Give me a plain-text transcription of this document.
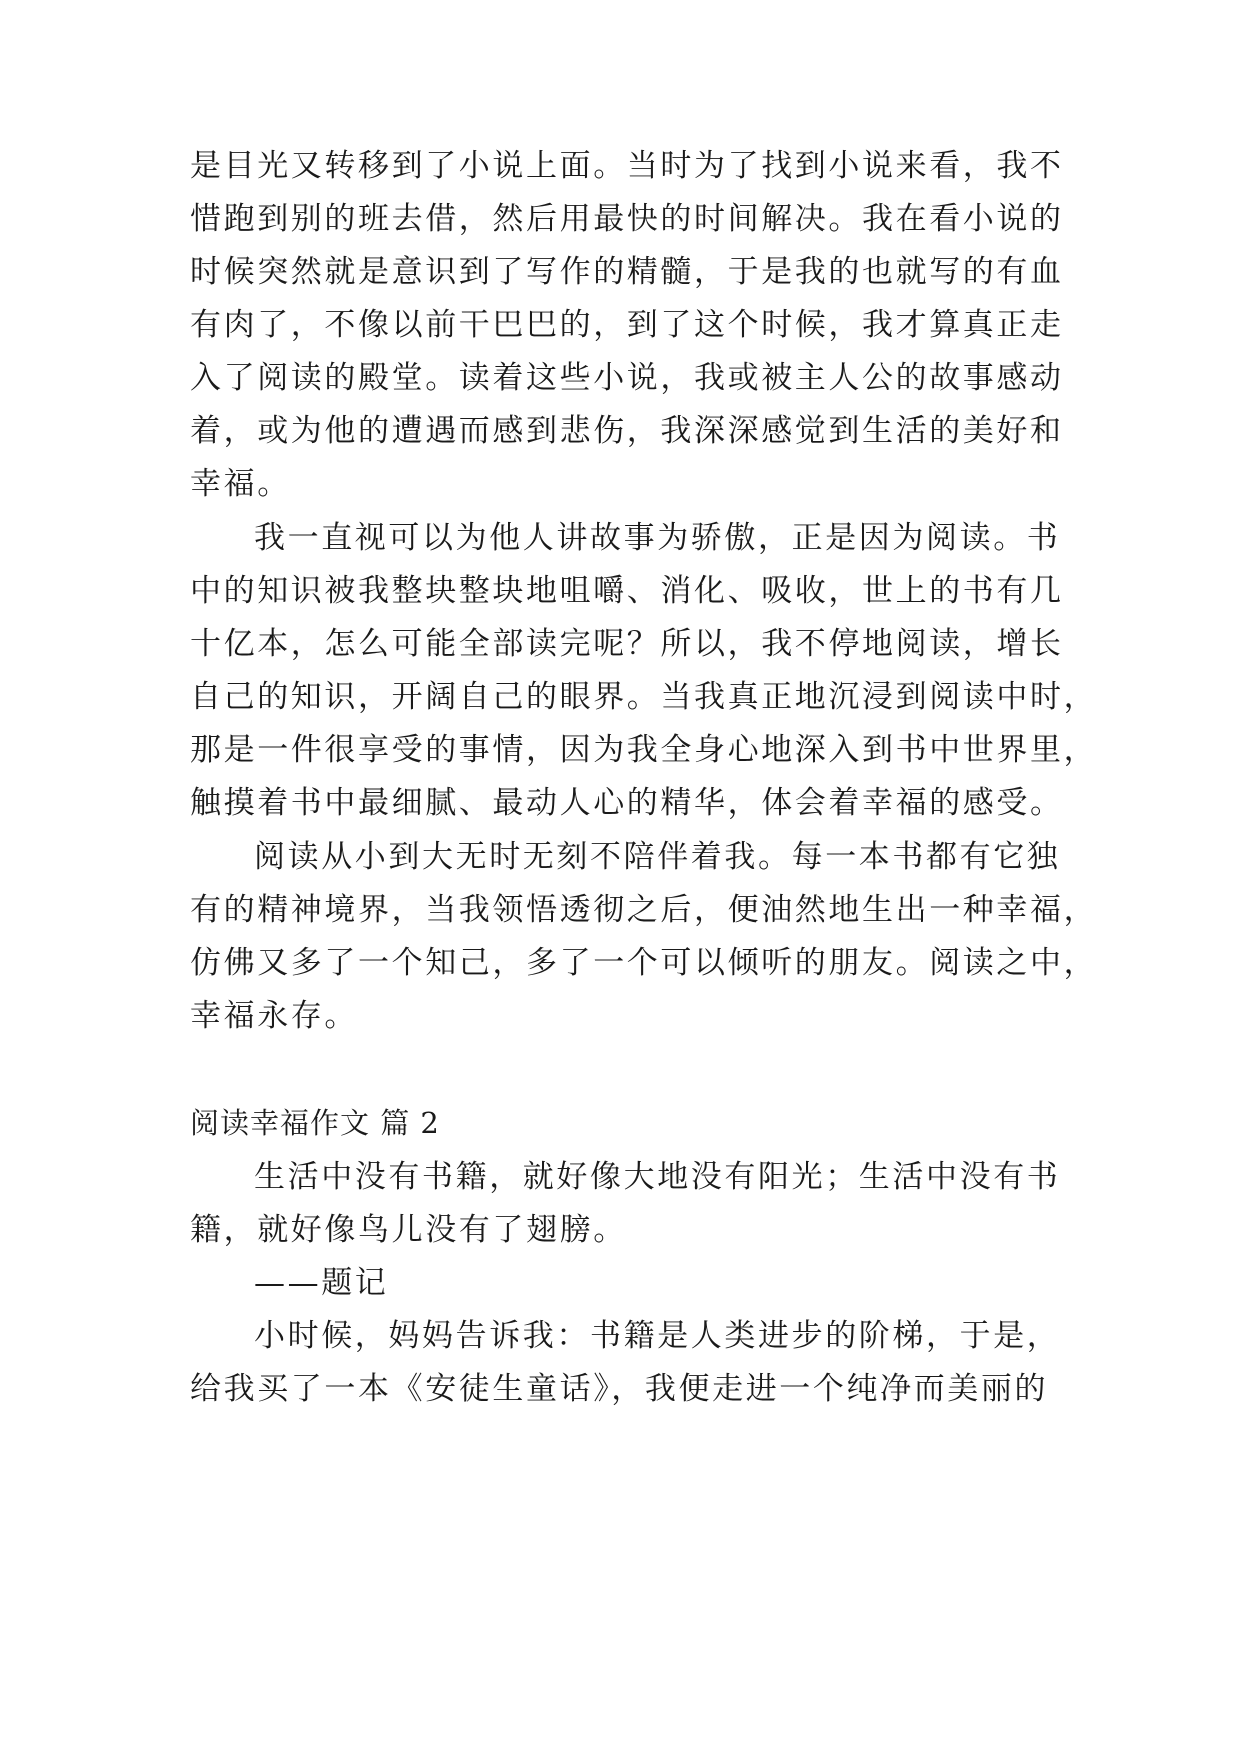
是目光又转移到了小说上面。当时为了找到小说来看，我不

惜跑到别的班去借，然后用最快的时间解决。我在看小说的

时候突然就是意识到了写作的精髓，于是我的也就写的有血

有肉了，不像以前干巴巴的，到了这个时候，我才算真正走

入了阅读的殿堂。读着这些小说，我或被主人公的故事感动

着，或为他的遭遇而感到悲伤，我深深感觉到生活的美好和

幸福。

我一直视可以为他人讲故事为骄傲，正是因为阅读。书

中的知识被我整块整块地咀嚼、消化、吸收，世上的书有几

十亿本，怎么可能全部读完呢？所以，我不停地阅读，增长

自己的知识，开阔自己的眼界。当我真正地沉浸到阅读中时，

那是一件很享受的事情，因为我全身心地深入到书中世界里，

触摸着书中最细腻、最动人心的精华，体会着幸福的感受。

阅读从小到大无时无刻不陪伴着我。每一本书都有它独

有的精神境界，当我领悟透彻之后，便油然地生出一种幸福，

仿佛又多了一个知己，多了一个可以倾听的朋友。阅读之中，

幸福永存。

阅读幸福作文 篇 2

生活中没有书籍，就好像大地没有阳光；生活中没有书

籍，就好像鸟儿没有了翅膀。

——题记

小时候，妈妈告诉我：书籍是人类进步的阶梯，于是，

给我买了一本《安徒生童话》，我便走进一个纯净而美丽的
